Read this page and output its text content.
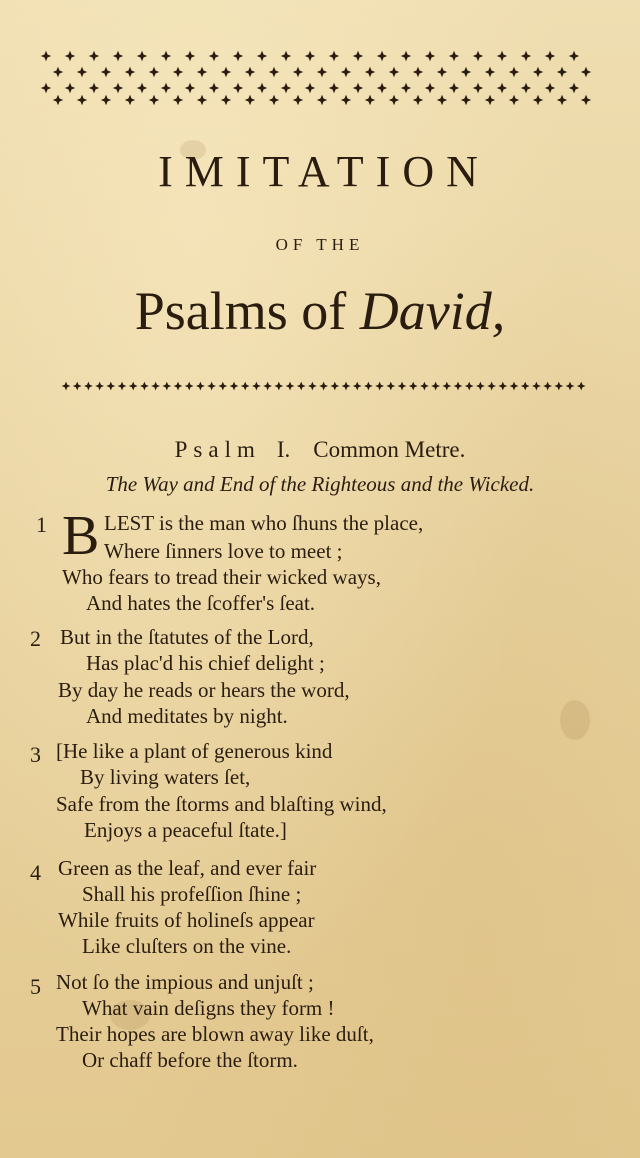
IMITATION
OF THE
Psalms of David,
Psalm I. Common Metre.
The Way and End of the Righteous and the Wicked.
B
1	LEST is the man who ſhuns the place,
Where ſinners love to meet ;
Who fears to tread their wicked ways,
And hates the ſcoffer's ſeat.
2 But in the ſtatutes of the Lord,
Has plac'd his chief delight ;
By day he reads or hears the word,
And meditates by night.
3 [He like a plant of generous kind
By living waters ſet,
Safe from the ſtorms and blaſting wind,
Enjoys a peaceful ſtate.]
4 Green as the leaf, and ever fair
Shall his profeſſion ſhine ;
While fruits of holineſs appear
Like cluſters on the vine.
5 Not ſo the impious and unjuſt ;
What vain deſigns they form !
Their hopes are blown away like duſt,
Or chaff before the ſtorm.
